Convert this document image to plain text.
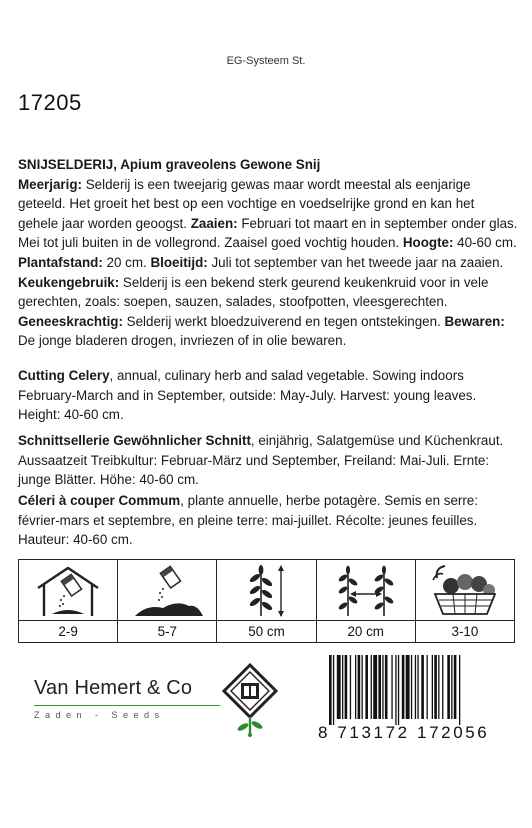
EG-Systeem St.
17205
SNIJSELDERIJ, Apium graveolens Gewone Snij
Meerjarig: Selderij is een tweejarig gewas maar wordt meestal als eenjarige geteeld. Het groeit het best op een vochtige en voedselrijke grond en kan het gehele jaar worden geoogst. Zaaien: Februari tot maart en in september onder glas. Mei tot juli buiten in de vollegrond. Zaaisel goed vochtig houden. Hoogte: 40-60 cm. Plantafstand: 20 cm. Bloeitijd: Juli tot september van het tweede jaar na zaaien. Keukengebruik: Selderij is een bekend sterk geurend keukenkruid voor in vele gerechten, zoals: soepen, sauzen, salades, stoofpotten, vleesgerechten.
Geneeskrachtig: Selderij werkt bloedzuiverend en tegen ontstekingen. Bewaren: De jonge bladeren drogen, invriezen of in olie bewaren.
Cutting Celery, annual, culinary herb and salad vegetable. Sowing indoors February-March and in September, outside: May-July. Harvest: young leaves. Height: 40-60 cm.
Schnittsellerie Gewöhnlicher Schnitt, einjährig, Salatgemüse und Küchenkraut. Aussaatzeit Treibkultur: Februar-März und September, Freiland: Mai-Juli. Ernte: junge Blätter. Höhe: 40-60 cm.
Céleri à couper Commum, plante annuelle, herbe potagère. Semis en serre: février-mars et septembre, en pleine terre: mai-juillet. Récolte: jeunes feuilles. Hauteur: 40-60 cm.
2-9	5-7	50 cm	20 cm	3-10
Van Hemert & Co
Zaden - Seeds
8 713172 172056
